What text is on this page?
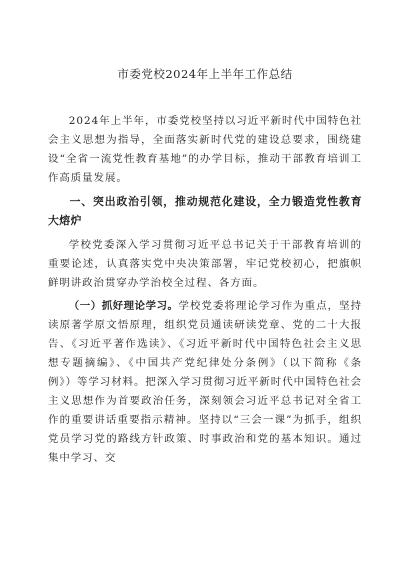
市委党校2024年上半年工作总结

2024年上半年，市委党校坚持以习近平新时代中国特色社会主义思想为指导，全面落实新时代党的建设总要求，围绕建设“全省一流党性教育基地”的办学目标，推动干部教育培训工作高质量发展。

一、突出政治引领，推动规范化建设，全力锻造党性教育大熔炉

学校党委深入学习贯彻习近平总书记关于干部教育培训的重要论述，认真落实党中央决策部署，牢记党校初心，把旗帜鲜明讲政治贯穿办学治校全过程、各方面。

（一）抓好理论学习。学校党委将理论学习作为重点，坚持读原著学原文悟原理，组织党员通读研读党章、党的二十大报告、《习近平著作选读》、《习近平新时代中国特色社会主义思想专题摘编》、《中国共产党纪律处分条例》（以下简称《条例》）等学习材料。把深入学习贯彻习近平新时代中国特色社会主义思想作为首要政治任务，深刻领会习近平总书记对全省工作的重要讲话重要指示精神。坚持以“三会一课”为抓手，组织党员学习党的路线方针政策、时事政治和党的基本知识。通过集中学习、交
